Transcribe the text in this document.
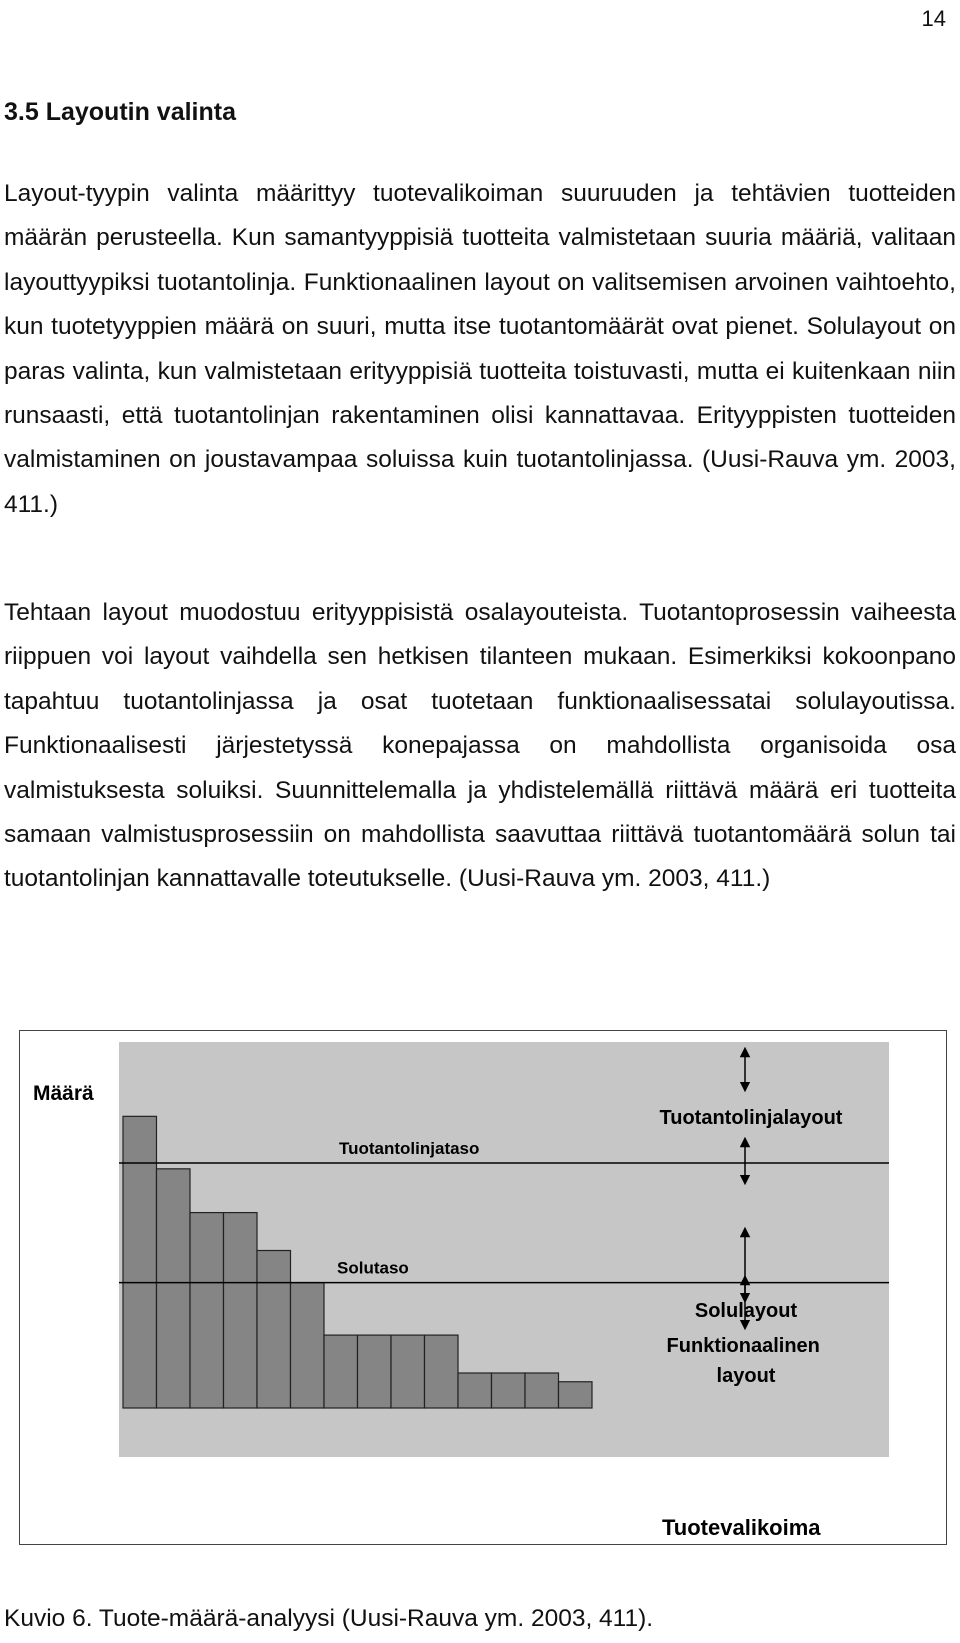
14
3.5 Layoutin valinta

Layout-tyypin valinta määrittyy tuotevalikoiman suuruuden ja tehtävien tuotteiden määrän perusteella. Kun samantyyppisiä tuotteita valmistetaan suuria määriä, valitaan layouttyypiksi tuotantolinja. Funktionaalinen layout on valitsemisen arvoinen vaihtoehto, kun tuotetyyppien määrä on suuri, mutta itse tuotantomäärät ovat pienet. Solulayout on paras valinta, kun valmistetaan erityyppisiä tuotteita toistuvasti, mutta ei kuitenkaan niin runsaasti, että tuotantolinjan rakentaminen olisi kannattavaa. Erityyppisten tuotteiden valmistaminen on joustavampaa soluissa kuin tuotantolinjassa. (Uusi-Rauva ym. 2003, 411.)

Tehtaan layout muodostuu erityyppisistä osalayouteista. Tuotantoprosessin vaiheesta riippuen voi layout vaihdella sen hetkisen tilanteen mukaan. Esimerkiksi kokoonpano tapahtuu tuotantolinjassa ja osat tuotetaan funktionaalisessatai solulayoutissa. Funktionaalisesti järjestetyssä konepajassa on mahdollista organisoida osa valmistuksesta soluiksi. Suunnittelemalla ja yhdistelemällä riittävä määrä eri tuotteita samaan valmistusprosessiin on mahdollista saavuttaa riittävä tuotantomäärä solun tai tuotantolinjan kannattavalle toteutukselle. (Uusi-Rauva ym. 2003, 411.)

Tuotantolinjataso
Solutaso
Määrä
Tuotevalikoima
Tuotantolinjalayout
Solulayout
Funktionaalinen layout
Kuvio 6. Tuote-määrä-analyysi (Uusi-Rauva ym. 2003, 411).
